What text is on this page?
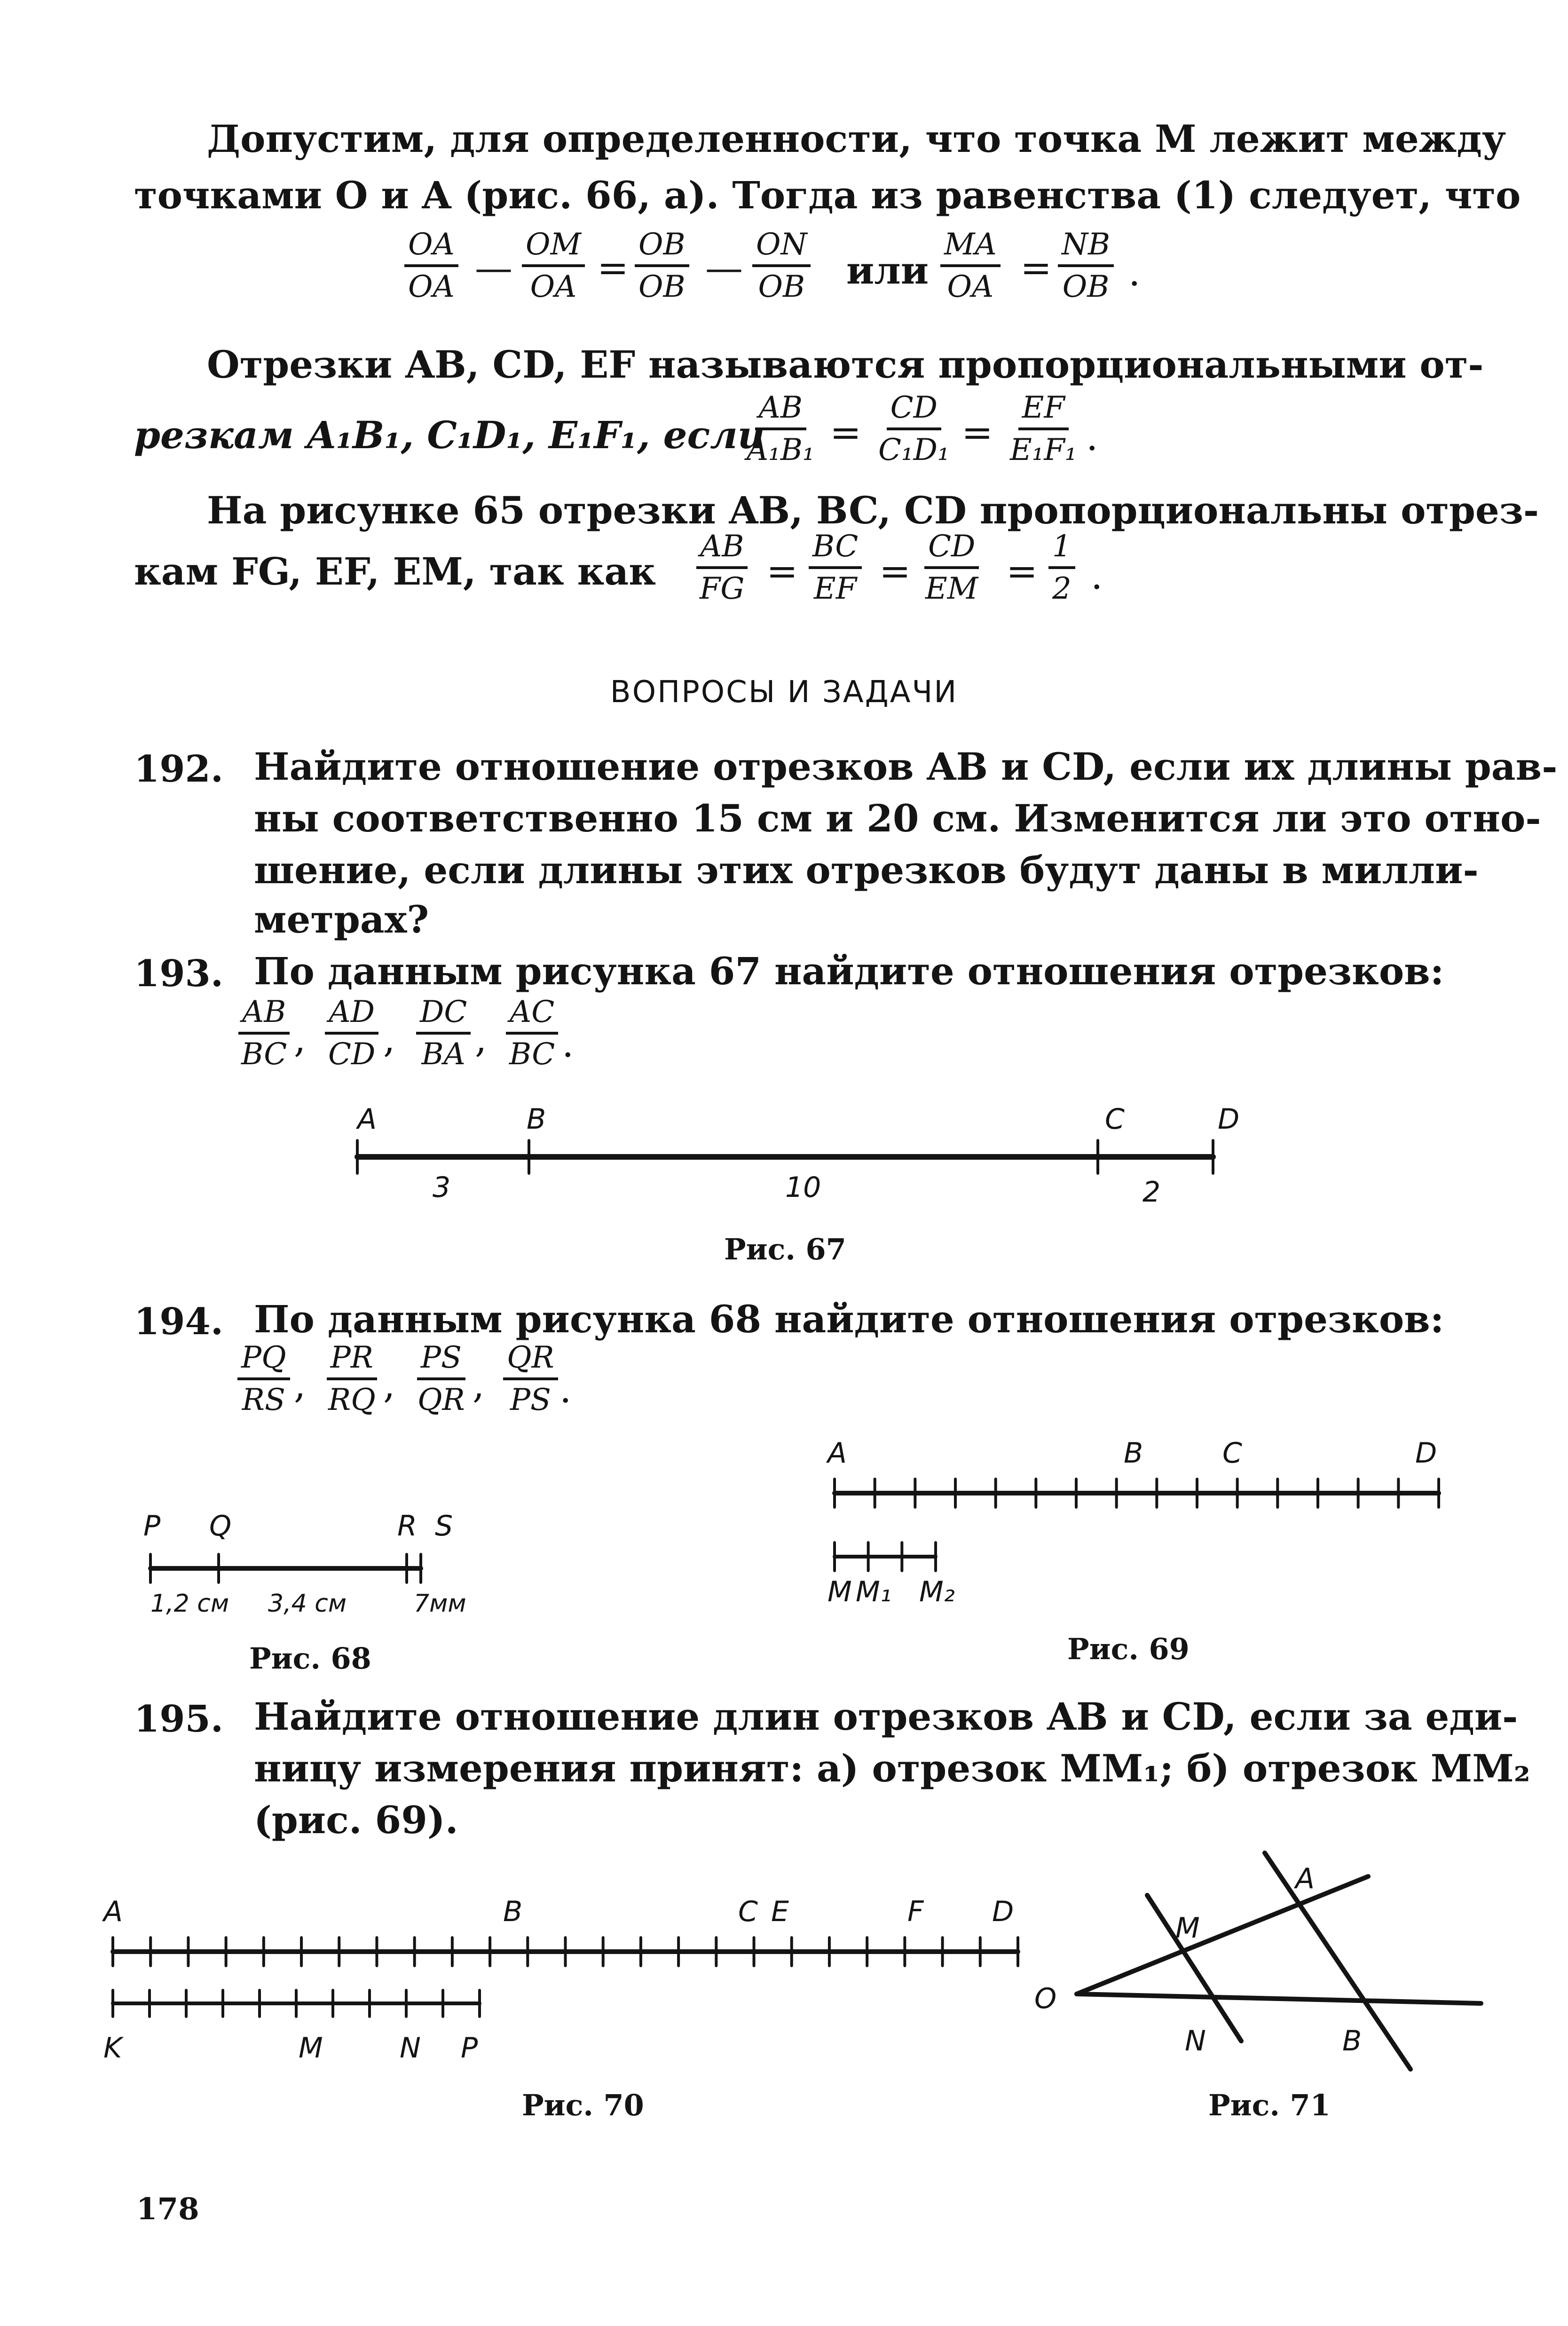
Допустим, для определенности, что точка M лежит между
точками O и A (рис. 66, a). Тогда из равенства (1) следует, что
$\frac{OA}{OA}$ — $\frac{OM}{OA} = \frac{OB}{OB}$ — $\frac{ON}{OB}$ или $\frac{MA}{OA} = \frac{NB}{OB}$ .
Отрезки AB, CD, EF называются пропорциональными от-
резкам A₁B₁, C₁D₁, E₁F₁, если
$\frac{AB}{\text{A₁B₁}} = \frac{CD}{\text{C₁D₁}} = \frac{EF}{\text{E₁F₁}}$ .
На рисунке 65 отрезки AB, BC, CD пропорциональны отрез-
кам FG, EF, EM, так как $\frac{AB}{FG} = \frac{BC}{EF} = \frac{CD}{EM} = \frac{1}{2}$ .
ВОПРОСЫ И ЗАДАЧИ
192. Найдите отношение отрезков AB и CD, если их длины рав-
ны соответственно 15 см и 20 см. Изменится ли это отно-
шение, если длины этих отрезков будут даны в милли-
метрах?
193. По данным рисунка 67 найдите отношения отрезков:
$\frac{AB}{BC}$ , $\frac{AD}{CD}$ , $\frac{DC}{BA}$ , $\frac{AC}{BC}$ .
A	B	C	D
3	10	2
Рис. 67
194. По данным рисунка 68 найдите отношения отрезков:
$\frac{PQ}{RS}$ , $\frac{PR}{RQ}$ , $\frac{PS}{QR}$ , $\frac{QR}{PS}$ .
P Q	R S
1,2 см 3,4 см	7мм
Рис. 68
A	B	C	D
M M₁ M₂
Рис. 69
195. Найдите отношение длин отрезков AB и CD, если за еди-
ницу измерения принят: а) отрезок MM₁; б) отрезок MM₂
(рис. 69).
A	B	C E	F D
K	M	N P
Рис. 70
A
M
O
N	B
Рис. 71
178
